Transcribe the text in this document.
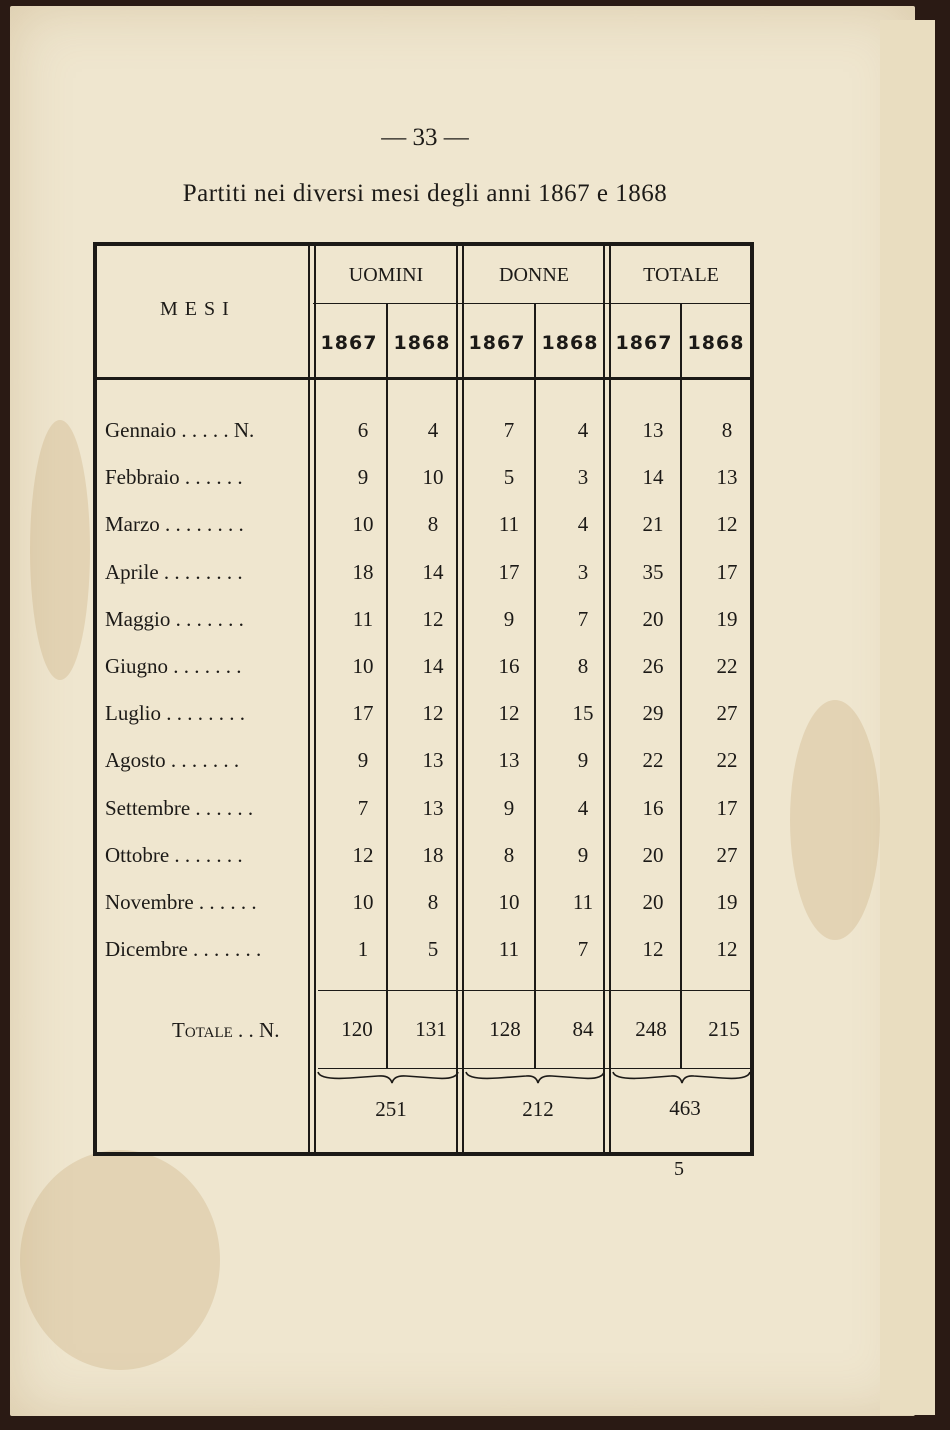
— 33 —
Partiti nei diversi mesi degli anni 1867 e 1868
M E S I
UOMINI	DONNE	TOTALE
1867 1868 1867 1868 1867 1868
Gennaio . . . . . N.	6	4	7	4	13	8
Febbraio . . . . . .	9	10	5	3	14	13
Marzo . . . . . . . .	10	8	11	4	21	12
Aprile . . . . . . . .	18	14	17	3	35	17
Maggio . . . . . . .	11	12	9	7	20	19
Giugno . . . . . . .	10	14	16	8	26	22
Luglio . . . . . . . .	17	12	12	15	29	27
Agosto . . . . . . .	9	13	13	9	22	22
Settembre . . . . . .	7	13	9	4	16	17
Ottobre . . . . . . .	12	18	8	9	20	27
Novembre . . . . . .	10	8	10	11	20	19
Dicembre . . . . . . .	1	5	11	7	12	12
Totale . . N.	120	131	128	84	248	215
251	212	463
5
